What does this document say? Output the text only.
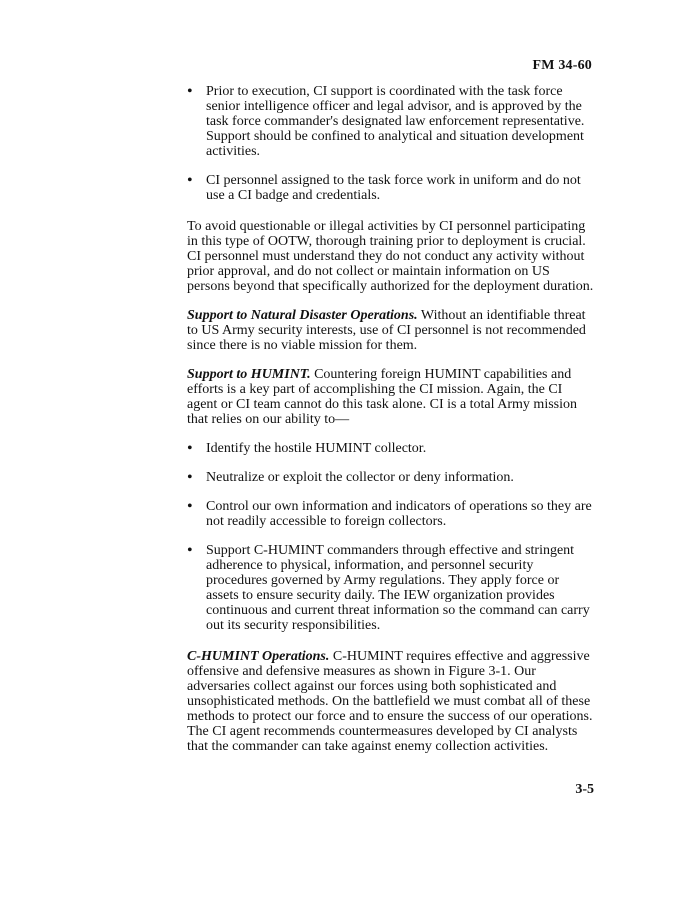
FM 34-60
• Prior to execution, CI support is coordinated with the task force senior intelligence officer and legal advisor, and is approved by the task force commander's designated law enforcement representative. Support should be confined to analytical and situation development activities.
• CI personnel assigned to the task force work in uniform and do not use a CI badge and credentials.

To avoid questionable or illegal activities by CI personnel participating in this type of OOTW, thorough training prior to deployment is crucial. CI personnel must understand they do not conduct any activity without prior approval, and do not collect or maintain information on US persons beyond that specifically authorized for the deployment duration.

Support to Natural Disaster Operations. Without an identifiable threat to US Army security interests, use of CI personnel is not recommended since there is no viable mission for them.

Support to HUMINT. Countering foreign HUMINT capabilities and efforts is a key part of accomplishing the CI mission. Again, the CI agent or CI team cannot do this task alone. CI is a total Army mission that relies on our ability to—

• Identify the hostile HUMINT collector.
• Neutralize or exploit the collector or deny information.
• Control our own information and indicators of operations so they are not readily accessible to foreign collectors.
• Support C-HUMINT commanders through effective and stringent adherence to physical, information, and personnel security procedures governed by Army regulations. They apply force or assets to ensure security daily. The IEW organization provides continuous and current threat information so the command can carry out its security responsibilities.

C-HUMINT Operations. C-HUMINT requires effective and aggressive offensive and defensive measures as shown in Figure 3-1. Our adversaries collect against our forces using both sophisticated and unsophisticated methods. On the battlefield we must combat all of these methods to protect our force and to ensure the success of our operations. The CI agent recommends countermeasures developed by CI analysts that the commander can take against enemy collection activities.

3-5
